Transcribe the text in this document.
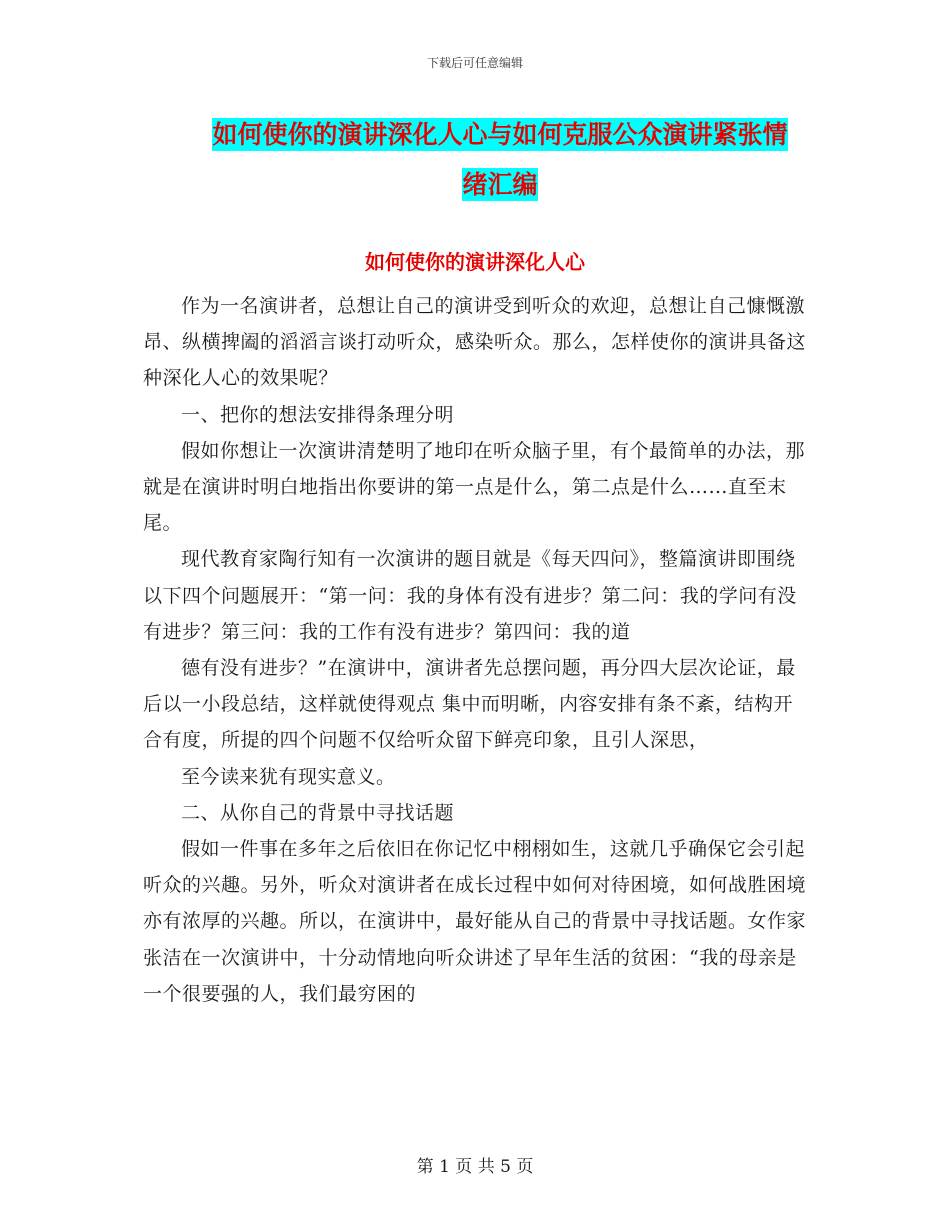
下载后可任意编辑
如何使你的演讲深化人心与如何克服公众演讲紧张情
绪汇编
如何使你的演讲深化人心

作为一名演讲者，总想让自己的演讲受到听众的欢迎，总想让自己慷慨激昂、纵横捭阖的滔滔言谈打动听众，感染听众。那么，怎样使你的演讲具备这种深化人心的效果呢？

一、把你的想法安排得条理分明

假如你想让一次演讲清楚明了地印在听众脑子里，有个最简单的办法，那就是在演讲时明白地指出你要讲的第一点是什么，第二点是什么……直至末尾。

现代教育家陶行知有一次演讲的题目就是《每天四问》，整篇演讲即围绕以下四个问题展开：“第一问：我的身体有没有进步？第二问：我的学问有没有进步？第三问：我的工作有没有进步？第四问：我的道

德有没有进步？”在演讲中，演讲者先总摆问题，再分四大层次论证，最后以一小段总结，这样就使得观点 集中而明晰，内容安排有条不紊，结构开合有度，所提的四个问题不仅给听众留下鲜亮印象，且引人深思，

至今读来犹有现实意义。

二、从你自己的背景中寻找话题

假如一件事在多年之后依旧在你记忆中栩栩如生，这就几乎确保它会引起听众的兴趣。另外，听众对演讲者在成长过程中如何对待困境，如何战胜困境亦有浓厚的兴趣。所以，在演讲中，最好能从自己的背景中寻找话题。女作家张洁在一次演讲中，十分动情地向听众讲述了早年生活的贫困：“我的母亲是一个很要强的人，我们最穷困的

第 1 页 共 5 页
